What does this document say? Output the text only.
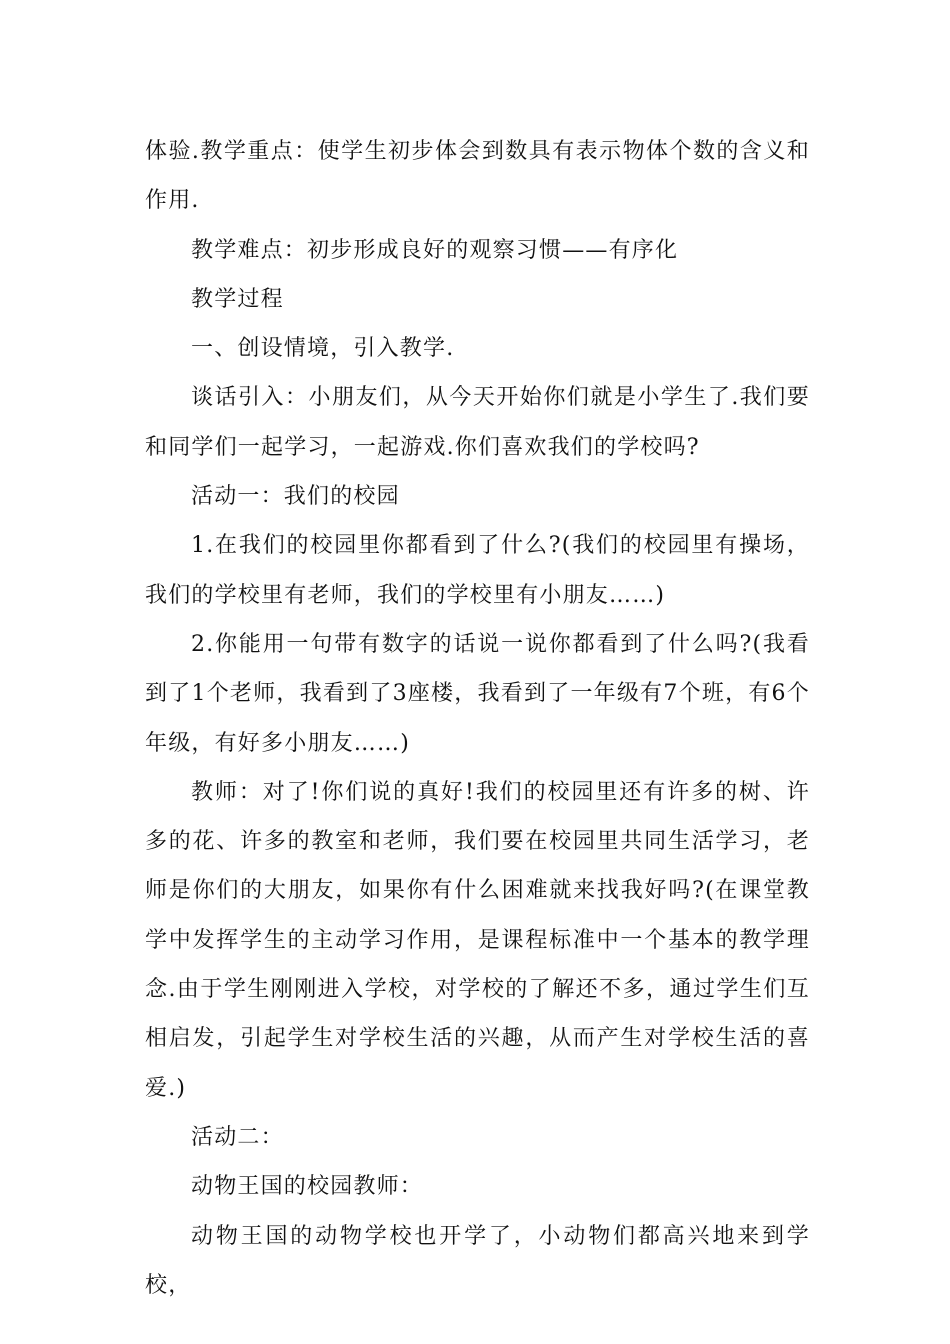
体验.教学重点：使学生初步体会到数具有表示物体个数的含义和作用.

教学难点：初步形成良好的观察习惯——有序化

教学过程

一、创设情境，引入教学.

谈话引入：小朋友们，从今天开始你们就是小学生了.我们要和同学们一起学习，一起游戏.你们喜欢我们的学校吗?

活动一：我们的校园

1.在我们的校园里你都看到了什么?(我们的校园里有操场，我们的学校里有老师，我们的学校里有小朋友……)

2.你能用一句带有数字的话说一说你都看到了什么吗?(我看到了1个老师，我看到了3座楼，我看到了一年级有7个班，有6个年级，有好多小朋友……)

教师：对了!你们说的真好!我们的校园里还有许多的树、许多的花、许多的教室和老师，我们要在校园里共同生活学习，老师是你们的大朋友，如果你有什么困难就来找我好吗?(在课堂教学中发挥学生的主动学习作用，是课程标准中一个基本的教学理念.由于学生刚刚进入学校，对学校的了解还不多，通过学生们互相启发，引起学生对学校生活的兴趣，从而产生对学校生活的喜爱.)

活动二：

动物王国的校园教师：

动物王国的动物学校也开学了，小动物们都高兴地来到学校，
